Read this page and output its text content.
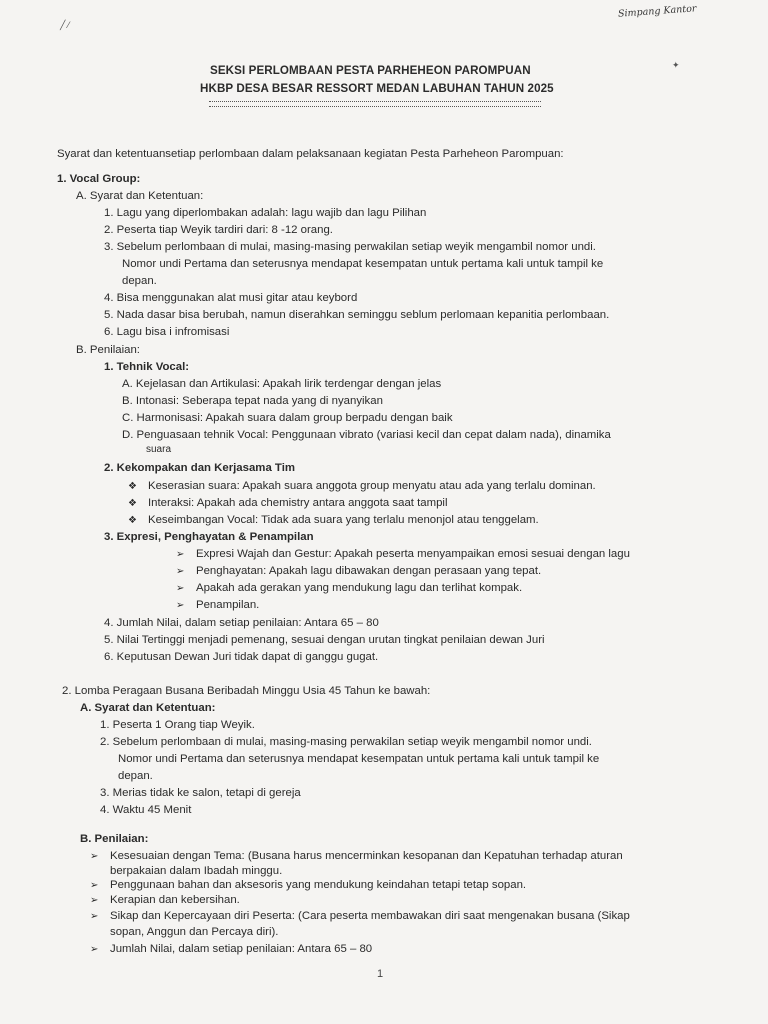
Simpang Kantor
╱ ⁄
✦
SEKSI PERLOMBAAN PESTA PARHEHEON PAROMPUAN
HKBP DESA BESAR RESSORT MEDAN LABUHAN TAHUN 2025
Syarat dan ketentuansetiap perlombaan dalam pelaksanaan kegiatan Pesta Parheheon Parompuan:
1. Vocal Group:
A. Syarat dan Ketentuan:
1. Lagu yang diperlombakan adalah: lagu wajib dan lagu Pilihan
2. Peserta tiap Weyik tardiri dari: 8 -12 orang.
3. Sebelum perlombaan di mulai, masing-masing perwakilan setiap weyik mengambil nomor undi.
Nomor undi Pertama dan seterusnya mendapat kesempatan untuk pertama kali untuk tampil ke
depan.
4. Bisa menggunakan alat musi gitar atau keybord
5. Nada dasar bisa berubah, namun diserahkan seminggu seblum perlomaan kepanitia perlombaan.
6. Lagu bisa i infromisasi
B. Penilaian:
1. Tehnik Vocal:
A. Kejelasan dan Artikulasi: Apakah lirik terdengar dengan jelas
B. Intonasi: Seberapa tepat nada yang di nyanyikan
C. Harmonisasi: Apakah suara dalam group berpadu dengan baik
D. Penguasaan tehnik Vocal: Penggunaan vibrato (variasi kecil dan cepat dalam nada), dinamika
suara
2. Kekompakan dan Kerjasama Tim
❖ Keserasian suara: Apakah suara anggota group menyatu atau ada yang terlalu dominan.
❖ Interaksi: Apakah ada chemistry antara anggota saat tampil
❖ Keseimbangan Vocal: Tidak ada suara yang terlalu menonjol atau tenggelam.
3. Expresi, Penghayatan & Penampilan
➢ Expresi Wajah dan Gestur: Apakah peserta menyampaikan emosi sesuai dengan lagu
➢ Penghayatan: Apakah lagu dibawakan dengan perasaan yang tepat.
➢ Apakah ada gerakan yang mendukung lagu dan terlihat kompak.
➢ Penampilan.
4. Jumlah Nilai, dalam setiap penilaian: Antara 65 – 80
5. Nilai Tertinggi menjadi pemenang, sesuai dengan urutan tingkat penilaian dewan Juri
6. Keputusan Dewan Juri tidak dapat di ganggu gugat.
2. Lomba Peragaan Busana Beribadah Minggu Usia 45 Tahun ke bawah:
A. Syarat dan Ketentuan:
1. Peserta 1 Orang tiap Weyik.
2. Sebelum perlombaan di mulai, masing-masing perwakilan setiap weyik mengambil nomor undi.
Nomor undi Pertama dan seterusnya mendapat kesempatan untuk pertama kali untuk tampil ke
depan.
3. Merias tidak ke salon, tetapi di gereja
4. Waktu 45 Menit
B. Penilaian:
➢ Kesesuaian dengan Tema: (Busana harus mencerminkan kesopanan dan Kepatuhan terhadap aturan
berpakaian dalam Ibadah minggu.
➢ Penggunaan bahan dan aksesoris yang mendukung keindahan tetapi tetap sopan.
➢ Kerapian dan kebersihan.
➢ Sikap dan Kepercayaan diri Peserta: (Cara peserta membawakan diri saat mengenakan busana (Sikap
sopan, Anggun dan Percaya diri).
➢ Jumlah Nilai, dalam setiap penilaian: Antara 65 – 80
1
